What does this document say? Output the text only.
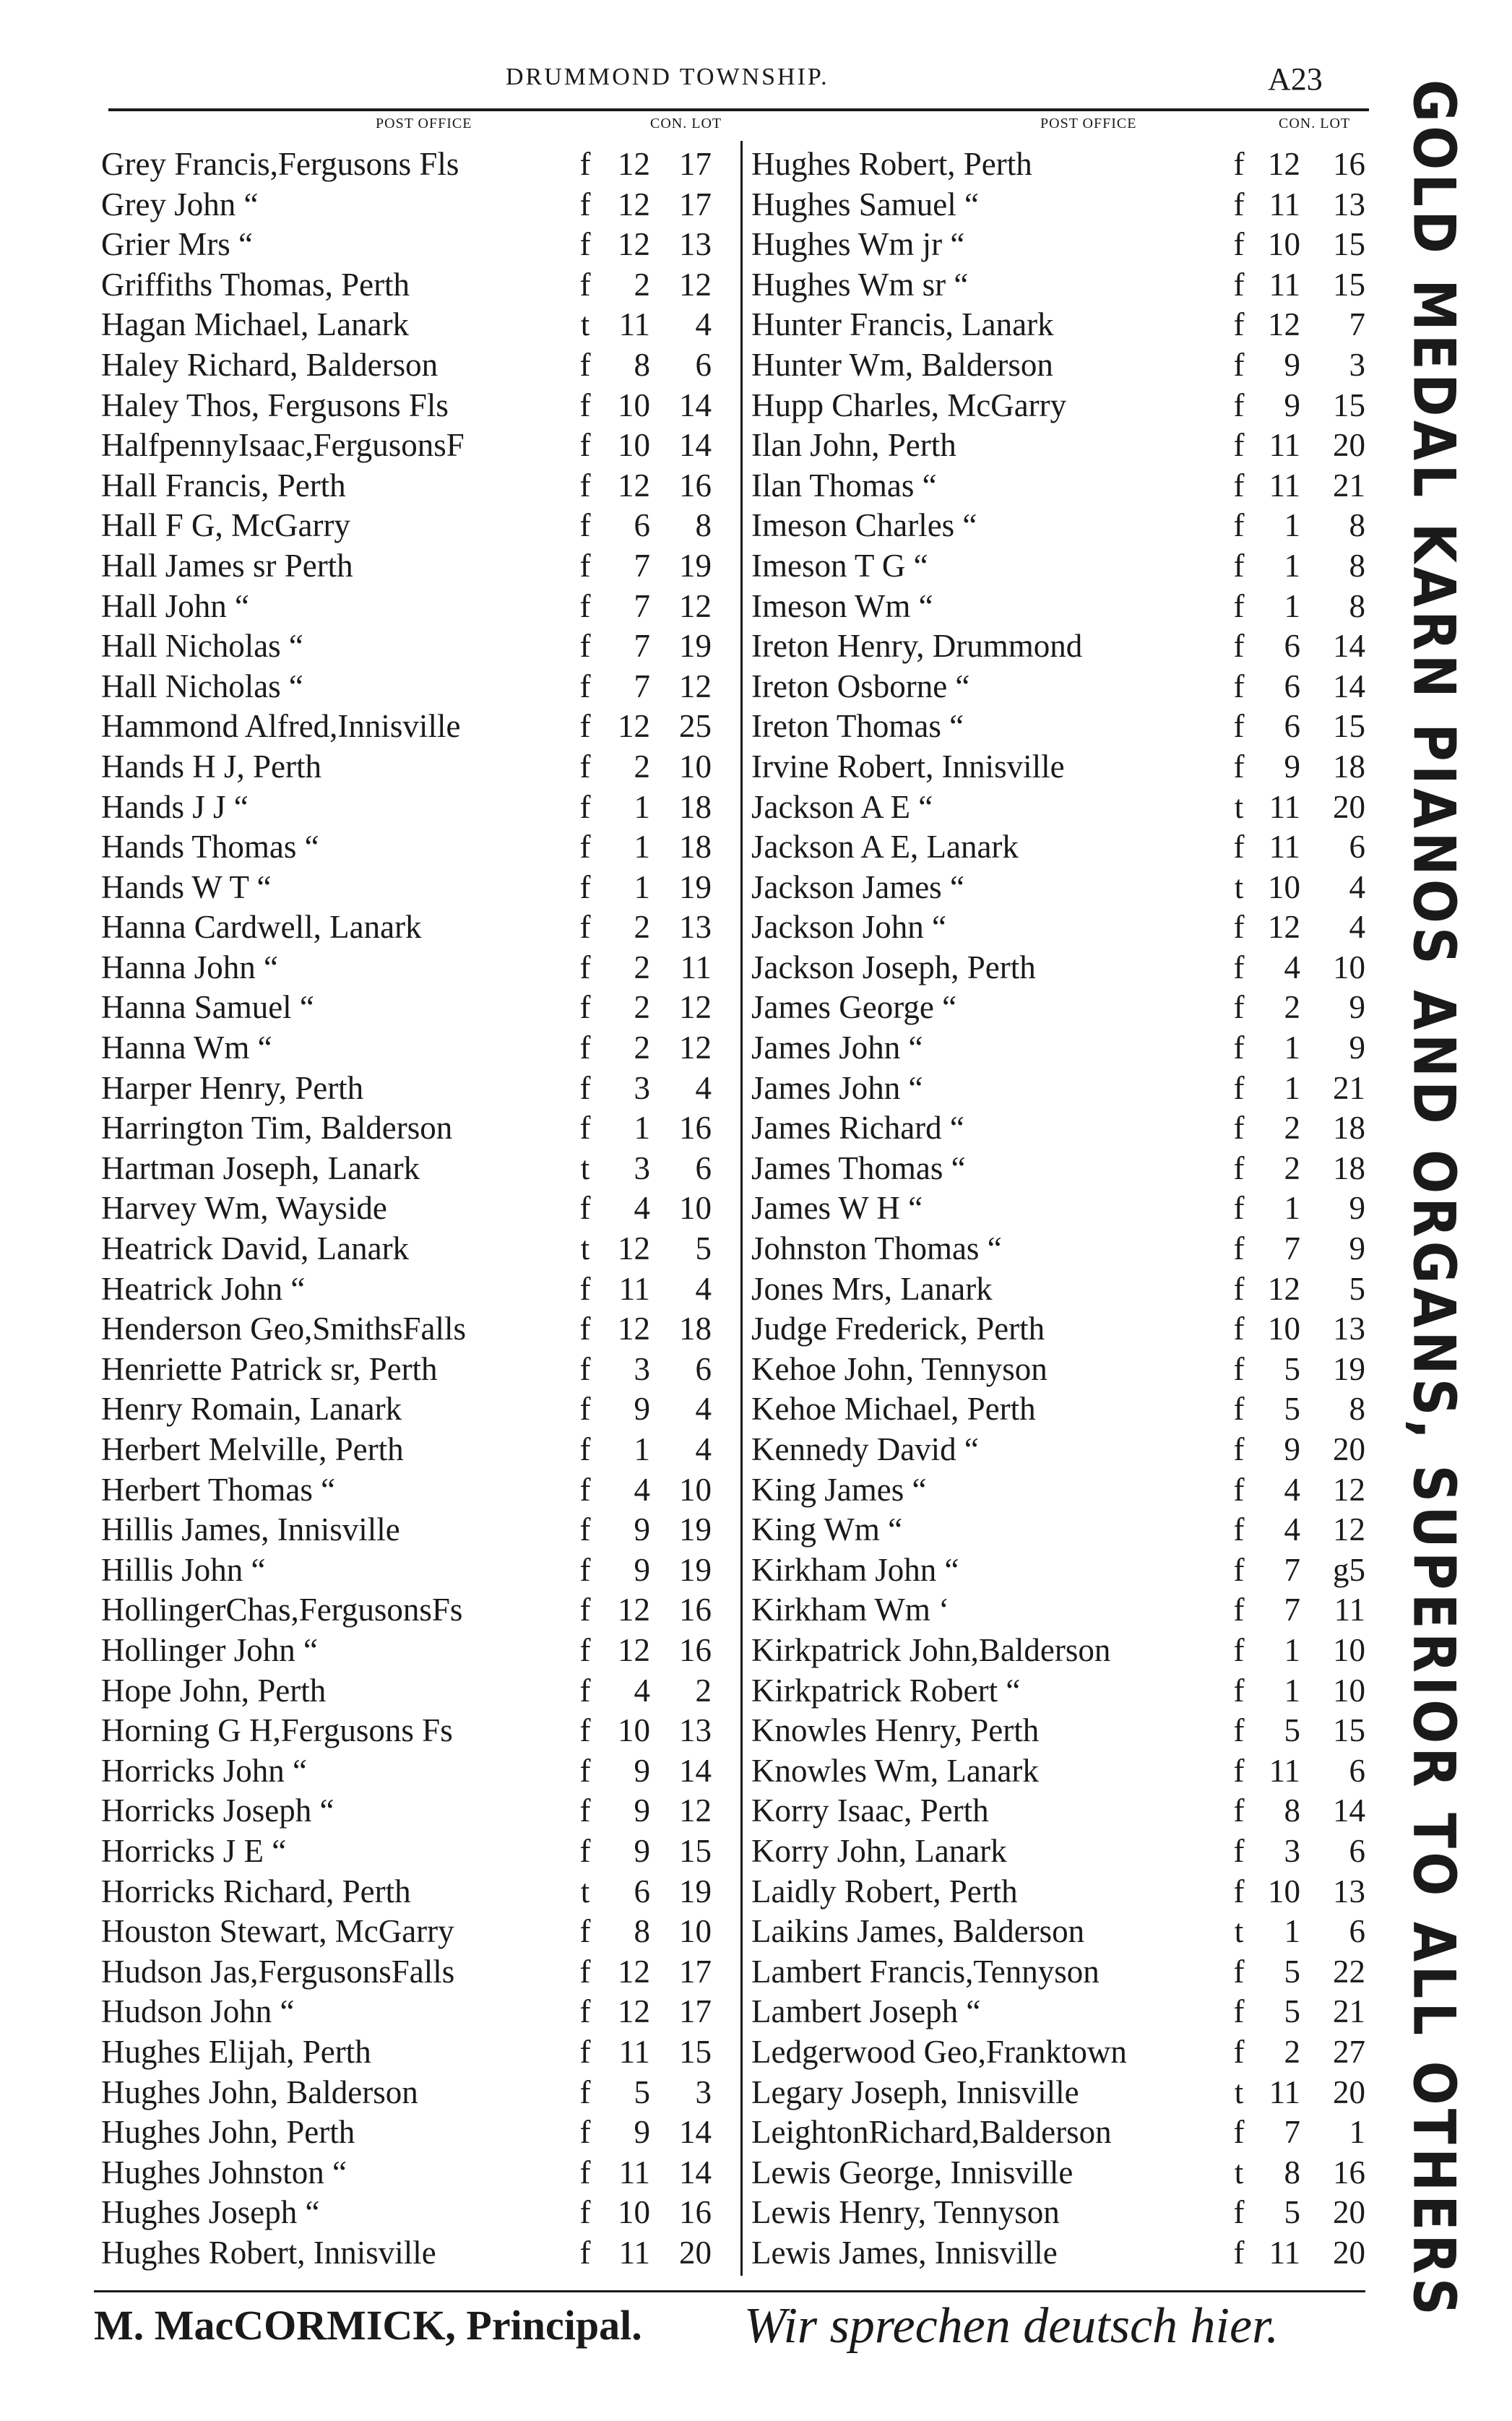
DRUMMOND TOWNSHIP.	A23
POST OFFICE	CON. LOT	POST OFFICE	CON. LOT
Grey Francis,Fergusons Fls	f 12 17
Grey John “	f 12 17
Grier Mrs “	f 12 13
Griffiths Thomas, Perth	f	2 12
Hagan Michael, Lanark	t 11	4
Haley Richard, Balderson	f	8	6
Haley Thos, Fergusons Fls	f 10 14
HalfpennyIsaac,FergusonsF	f 10 14
Hall Francis, Perth	f 12 16
Hall F G, McGarry	f	6	8
Hall James sr Perth	f	7 19
Hall John “	f	7 12
Hall Nicholas “	f	7 19
Hall Nicholas “	f	7 12
Hammond Alfred,Innisville	f 12 25
Hands H J, Perth	f	2 10
Hands J J “	f	1 18
Hands Thomas “	f	1 18
Hands W T “	f	1 19
Hanna Cardwell, Lanark	f	2 13
Hanna John “	f	2 11
Hanna Samuel “	f	2 12
Hanna Wm “	f	2 12
Harper Henry, Perth	f	3	4
Harrington Tim, Balderson	f	1 16
Hartman Joseph, Lanark	t	3	6
Harvey Wm, Wayside	f	4 10
Heatrick David, Lanark	t 12	5
Heatrick John “	f 11	4
Henderson Geo,SmithsFalls	f 12 18
Henriette Patrick sr, Perth	f	3	6
Henry Romain, Lanark	f	9	4
Herbert Melville, Perth	f	1	4
Herbert Thomas “	f	4 10
Hillis James, Innisville	f	9 19
Hillis John “	f	9 19
HollingerChas,FergusonsFs	f 12 16
Hollinger John “	f 12 16
Hope John, Perth	f	4	2
Horning G H,Fergusons Fs	f 10 13
Horricks John “	f	9 14
Horricks Joseph “	f	9 12
Horricks J E “	f	9 15
Horricks Richard, Perth	t	6 19
Houston Stewart, McGarry	f	8 10
Hudson Jas,FergusonsFalls	f 12 17
Hudson John “	f 12 17
Hughes Elijah, Perth	f 11 15
Hughes John, Balderson	f	5	3
Hughes John, Perth	f	9 14
Hughes Johnston “	f 11 14
Hughes Joseph “	f 10 16
Hughes Robert, Innisville	f 11 20
Hughes Robert, Perth	f 12	16
Hughes Samuel “	f 11	13
Hughes Wm jr “	f 10	15
Hughes Wm sr “	f 11	15
Hunter Francis, Lanark	f 12	7
Hunter Wm, Balderson	f	9	3
Hupp Charles, McGarry	f	9	15
Ilan John, Perth	f 11	20
Ilan Thomas “	f 11	21
Imeson Charles “	f	1	8
Imeson T G “	f	1	8
Imeson Wm “	f	1	8
Ireton Henry, Drummond	f	6	14
Ireton Osborne “	f	6	14
Ireton Thomas “	f	6	15
Irvine Robert, Innisville	f	9	18
Jackson A E “	t 11	20
Jackson A E, Lanark	f 11	6
Jackson James “	t 10	4
Jackson John “	f 12	4
Jackson Joseph, Perth	f	4	10
James George “	f	2	9
James John “	f	1	9
James John “	f	1	21
James Richard “	f	2	18
James Thomas “	f	2	18
James W H “	f	1	9
Johnston Thomas “	f	7	9
Jones Mrs, Lanark	f 12	5
Judge Frederick, Perth	f 10	13
Kehoe John, Tennyson	f	5	19
Kehoe Michael, Perth	f	5	8
Kennedy David “	f	9	20
King James “	f	4	12
King Wm “	f	4	12
Kirkham John “	f	7	g5
Kirkham Wm ‘	f	7	11
Kirkpatrick John,Balderson	f	1	10
Kirkpatrick Robert “	f	1	10
Knowles Henry, Perth	f	5	15
Knowles Wm, Lanark	f 11	6
Korry Isaac, Perth	f	8	14
Korry John, Lanark	f	3	6
Laidly Robert, Perth	f 10	13
Laikins James, Balderson	t	1	6
Lambert Francis,Tennyson	f	5	22
Lambert Joseph “	f	5	21
Ledgerwood Geo,Franktown	f	2	27
Legary Joseph, Innisville	t 11	20
LeightonRichard,Balderson	f	7	1
Lewis George, Innisville	t	8	16
Lewis Henry, Tennyson	f	5	20
Lewis James, Innisville	f 11	20 GOLD MEDAL KARN PIANOS AND ORGANS, SUPERIOR TO ALL OTHERS
M. MacCORMICK, Principal. Wir sprechen deutsch hier.
